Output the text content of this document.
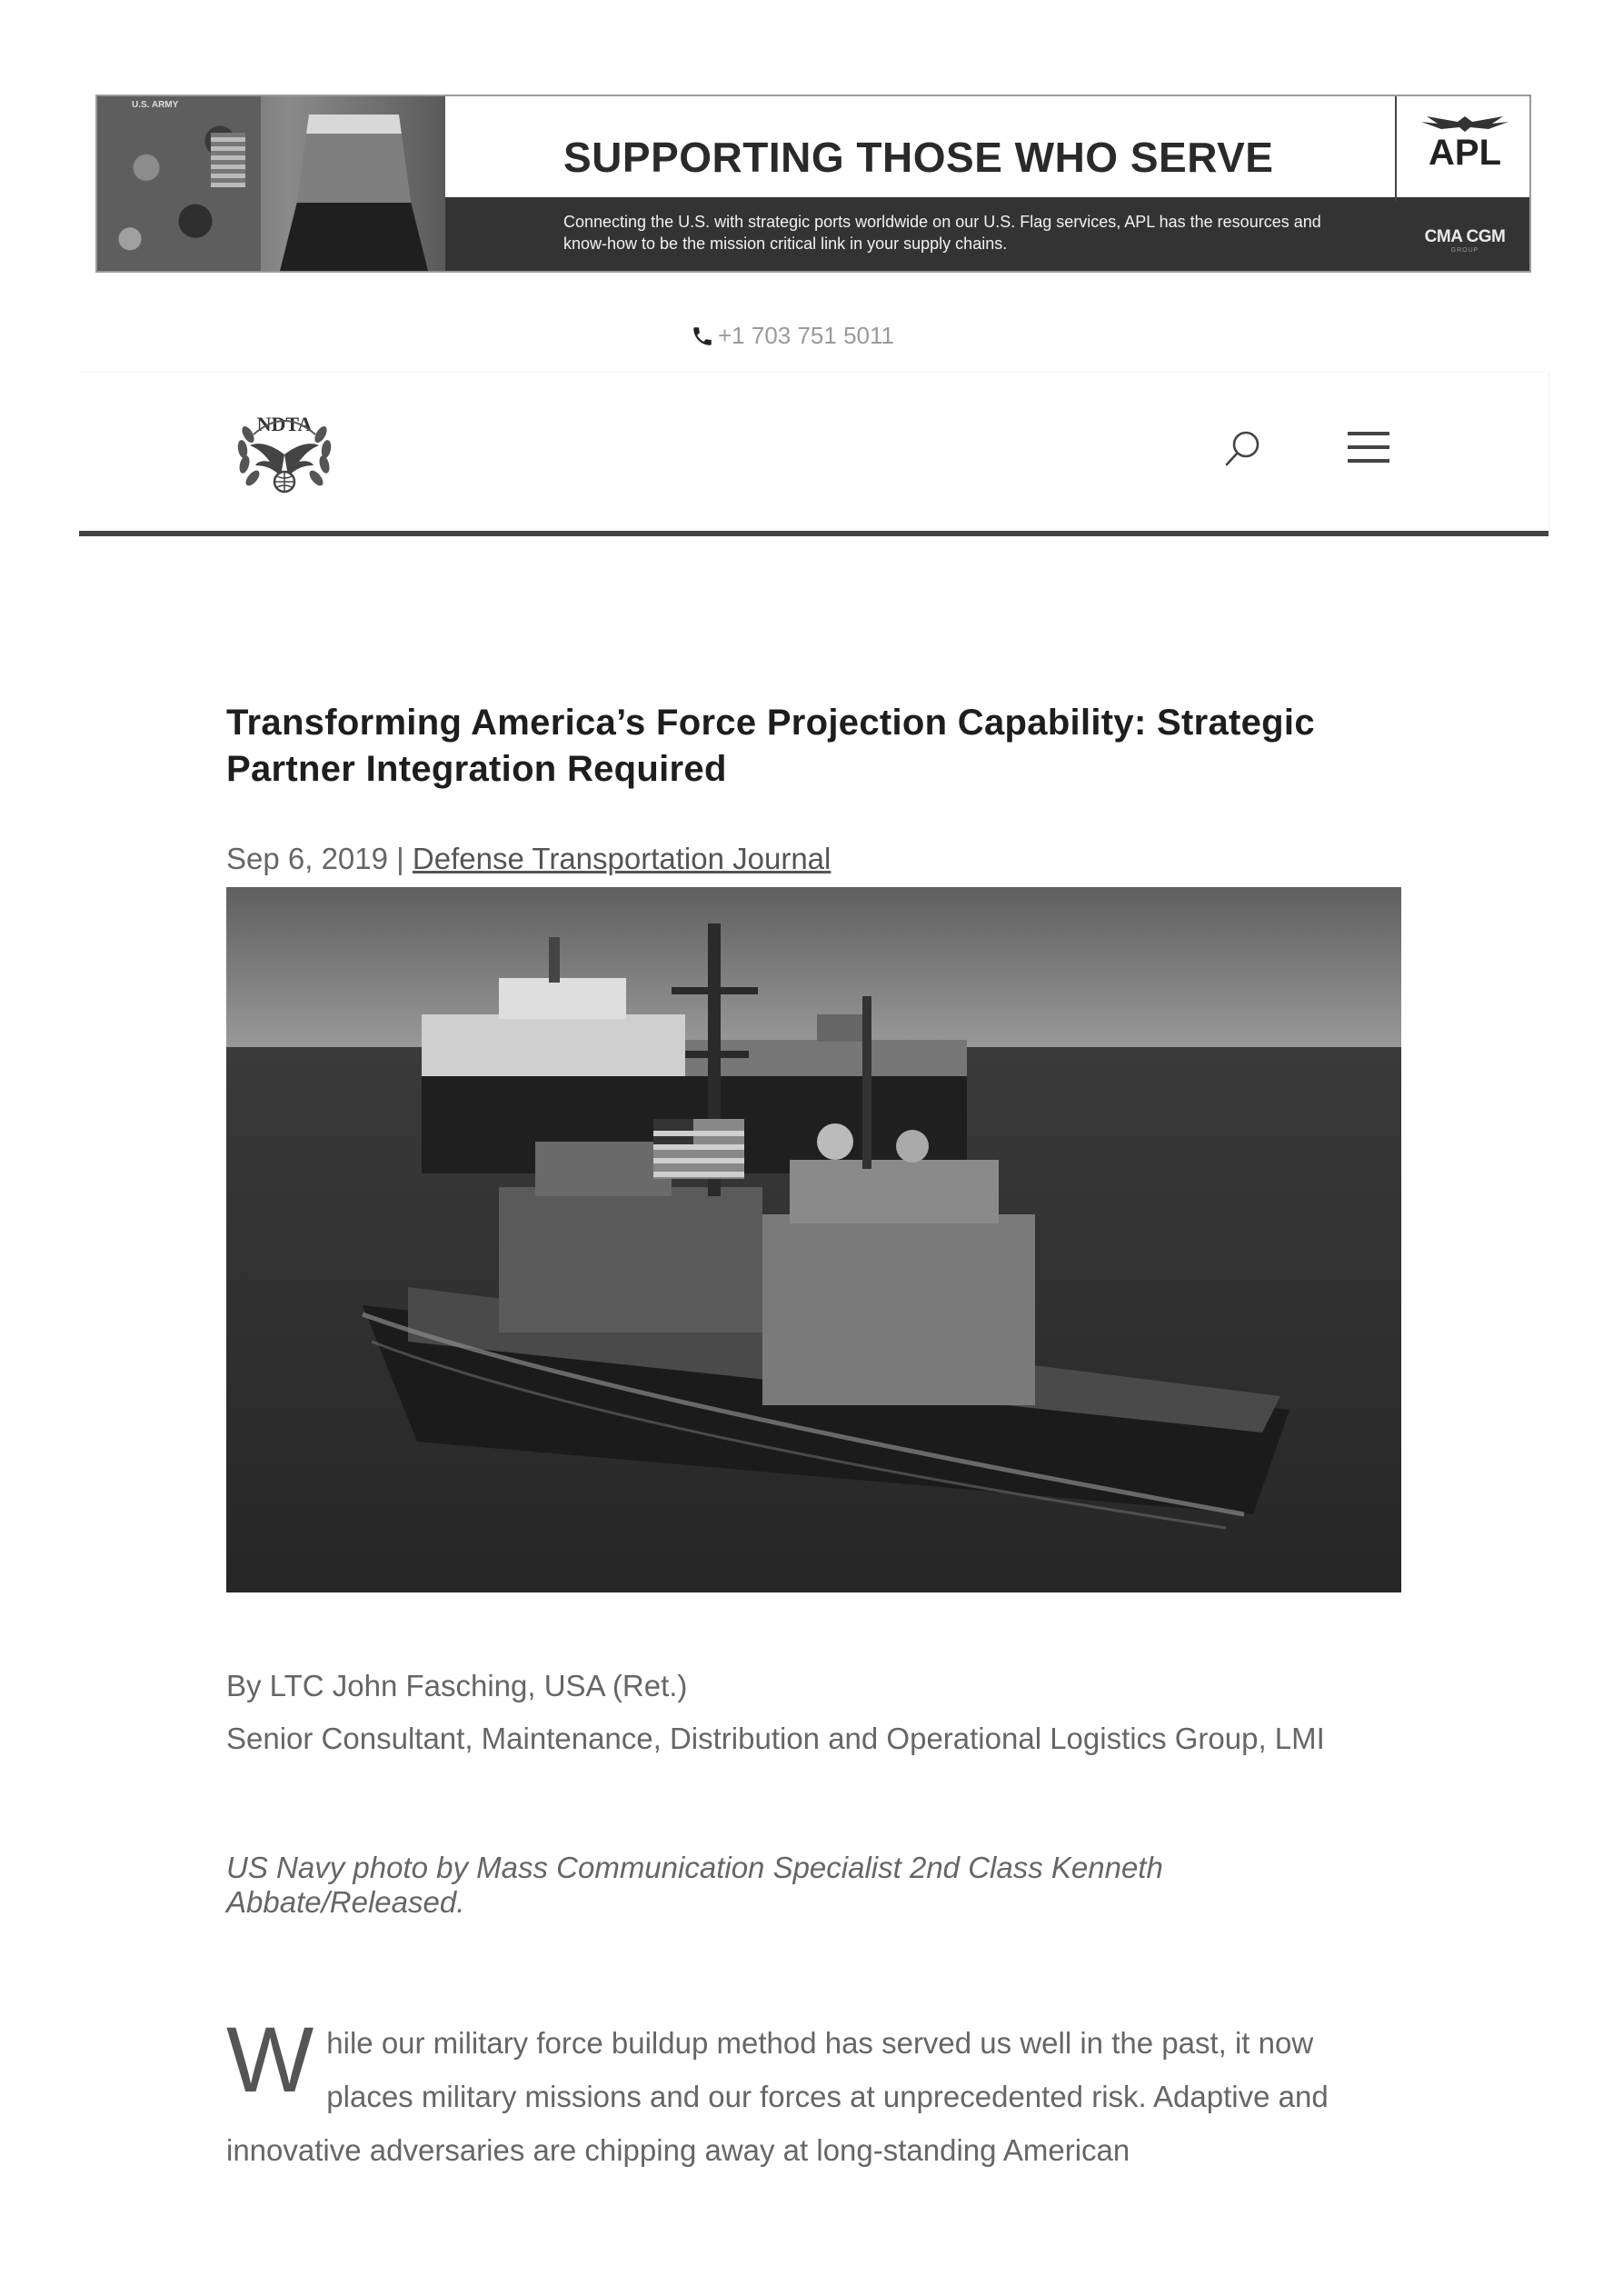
U.S. ARMY
SUPPORTING THOSE WHO SERVE
Connecting the U.S. with strategic ports worldwide on our U.S. Flag services, APL has the resources and know-how to be the mission critical link in your supply chains.
APL
CMA CGM
GROUP
+1 703 751 5011
NDTA
Transforming America’s Force Projection Capability: Strategic Partner Integration Required
Sep 6, 2019 | Defense Transportation Journal

By LTC John Fasching, USA (Ret.)

Senior Consultant, Maintenance, Distribution and Operational Logistics Group, LMI

US Navy photo by Mass Communication Specialist 2nd Class Kenneth Abbate/Released.
W hile our military force buildup method has served us well in the past, it now places military missions and our forces at unprecedented risk. Adaptive and innovative adversaries are chipping away at long-standing American
